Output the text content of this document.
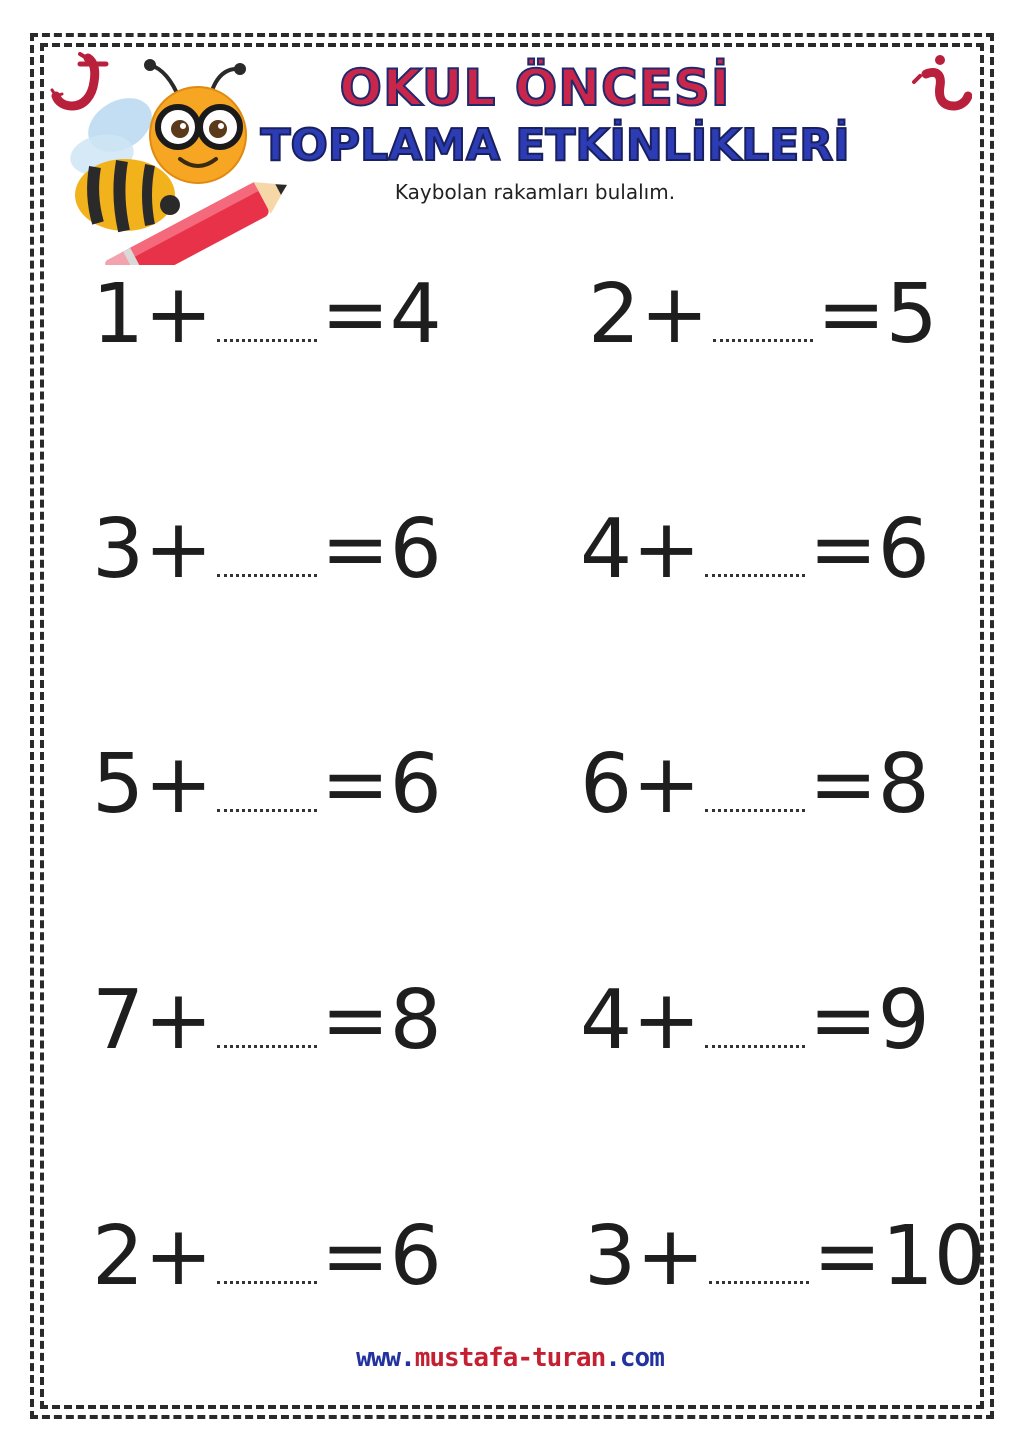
OKUL ÖNCESİ
TOPLAMA ETKİNLİKLERİ
Kaybolan rakamları bulalım.
1 + = 4 2 + = 5
3 + = 6 4 + = 6
5 + = 6 6 + = 8
7 + = 8 4 + = 9
2 + = 6 3 + = 10
www.mustafa-turan.com
